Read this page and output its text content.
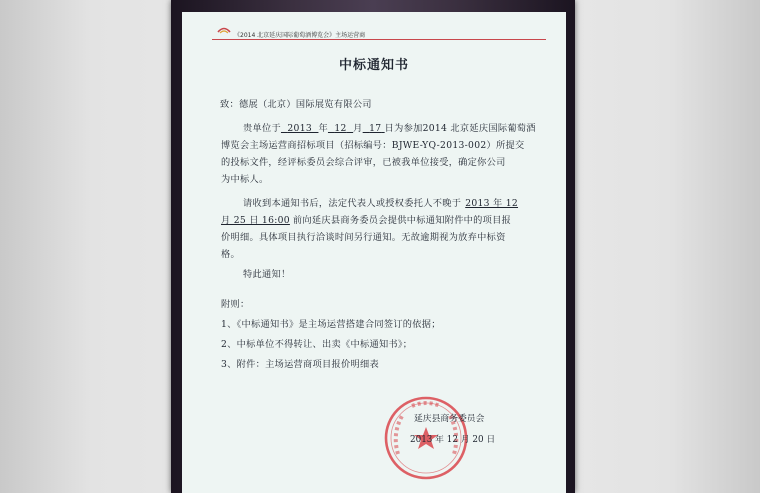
《2014 北京延庆国际葡萄酒博览会》主场运营商
中标通知书
致：德展（北京）国际展览有限公司
贵单位于 2013 年 12 月 17 日为参加2014 北京延庆国际葡萄酒
博览会主场运营商招标项目（招标编号：BJWE-YQ-2013-002）所提交
的投标文件，经评标委员会综合评审，已被我单位接受，确定你公司
为中标人。
请收到本通知书后，法定代表人或授权委托人不晚于 2013 年 12
月 25 日 16:00 前向延庆县商务委员会提供中标通知附件中的项目报
价明细。具体项目执行洽谈时间另行通知。无故逾期视为放弃中标资
格。
特此通知！
附则：
1、《中标通知书》是主场运营搭建合同签订的依据；
2、中标单位不得转让、出卖《中标通知书》；
3、附件：主场运营商项目报价明细表
延庆县商务委员会
2013 年 12 月 20 日
